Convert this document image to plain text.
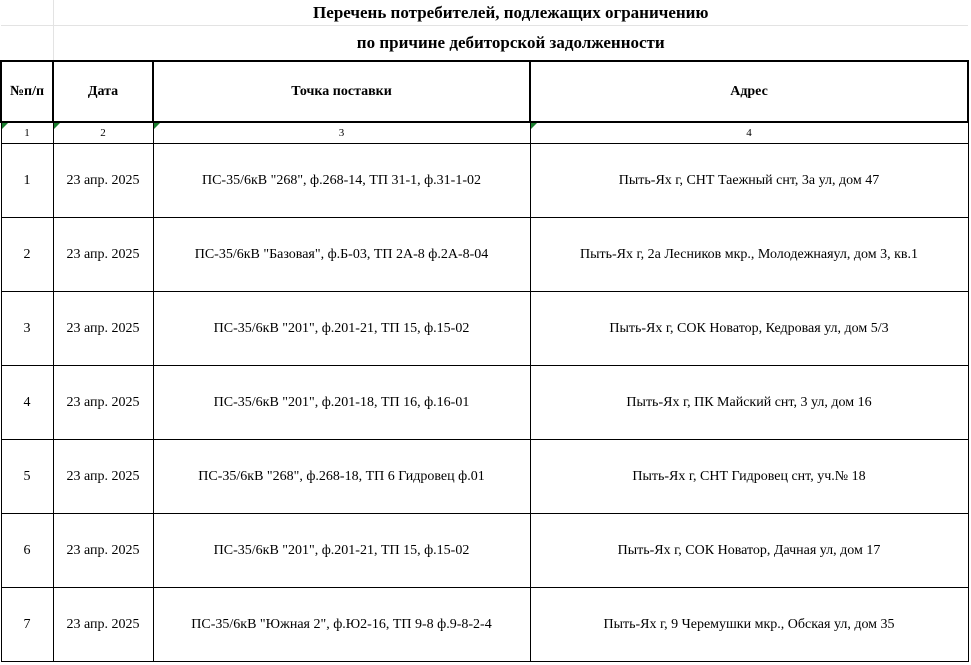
	Перечень потребителей, подлежащих ограничению		
	по причине дебиторской задолженности		
№п/п	Дата	Точка поставки	Адрес

1	2	3	4
1	23 апр. 2025	ПС-35/6кВ "268", ф.268-14, ТП 31-1, ф.31-1-02	Пыть-Ях г, СНТ Таежный снт, 3а ул, дом 47
2	23 апр. 2025	ПС-35/6кВ "Базовая", ф.Б-03, ТП 2А-8 ф.2А-8-04	Пыть-Ях г, 2а Лесников мкр., Молодежнаяул, дом 3, кв.1
3	23 апр. 2025	ПС-35/6кВ "201", ф.201-21, ТП 15, ф.15-02	Пыть-Ях г, СОК Новатор, Кедровая ул, дом 5/3
4	23 апр. 2025	ПС-35/6кВ "201", ф.201-18, ТП 16, ф.16-01	Пыть-Ях г, ПК Майский снт, 3 ул, дом 16
5	23 апр. 2025	ПС-35/6кВ "268", ф.268-18, ТП 6 Гидровец ф.01	Пыть-Ях г, СНТ Гидровец снт, уч.№ 18
6	23 апр. 2025	ПС-35/6кВ "201", ф.201-21, ТП 15, ф.15-02	Пыть-Ях г, СОК Новатор, Дачная ул, дом 17
7	23 апр. 2025	ПС-35/6кВ "Южная 2", ф.Ю2-16, ТП 9-8 ф.9-8-2-4	Пыть-Ях г, 9 Черемушки мкр., Обская ул, дом 35
